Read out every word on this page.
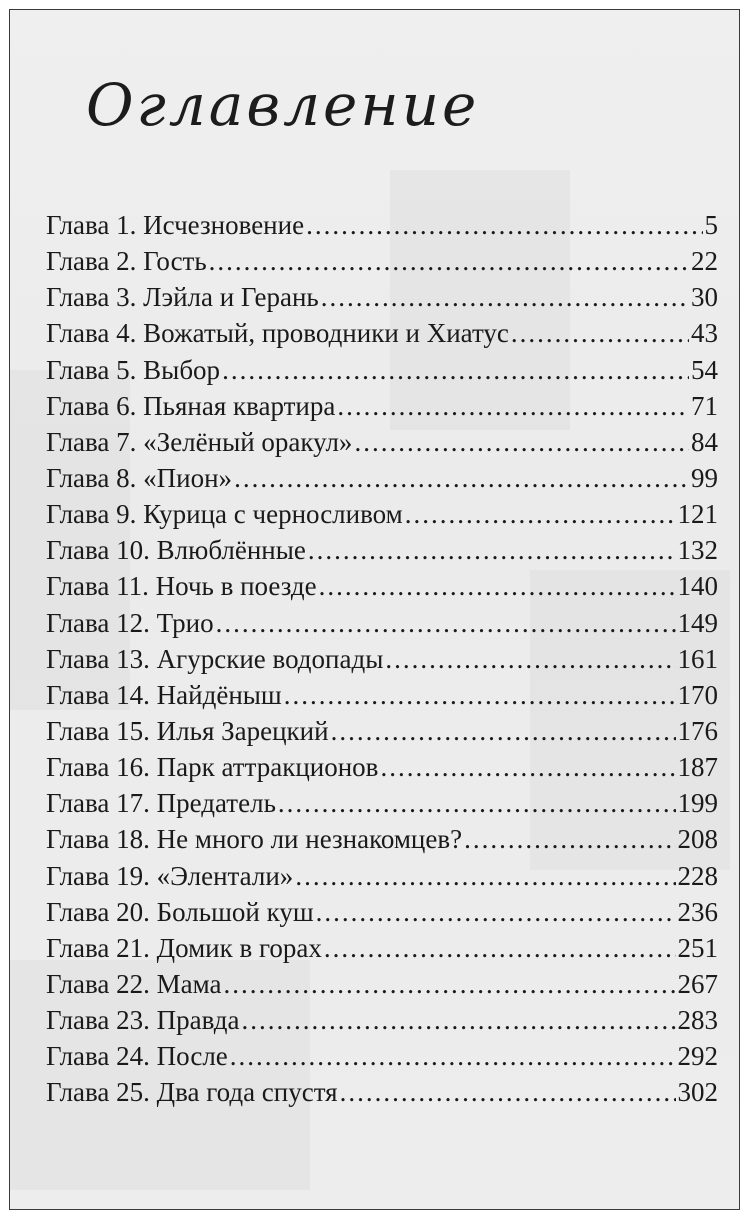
Оглавление
Глава 1. Исчезновение .....	5
Глава 2. Гость .....	22
Глава 3. Лэйла и Герань .....	30
Глава 4. Вожатый, проводники и Хиатус .....	43
Глава 5. Выбор .....	54
Глава 6. Пьяная квартира .....	71
Глава 7. «Зелёный оракул» .....	84
Глава 8. «Пион» .....	99
Глава 9. Курица с черносливом .....	121
Глава 10. Влюблённые .....	132
Глава 11. Ночь в поезде .....	140
Глава 12. Трио .....	149
Глава 13. Агурские водопады .....	161
Глава 14. Найдёныш .....	170
Глава 15. Илья Зарецкий .....	176
Глава 16. Парк аттракционов .....	187
Глава 17. Предатель .....	199
Глава 18. Не много ли незнакомцев? .....	208
Глава 19. «Элентали» .....	228
Глава 20. Большой куш .....	236
Глава 21. Домик в горах .....	251
Глава 22. Мама .....	267
Глава 23. Правда .....	283
Глава 24. После .....	292
Глава 25. Два года спустя .....	302
